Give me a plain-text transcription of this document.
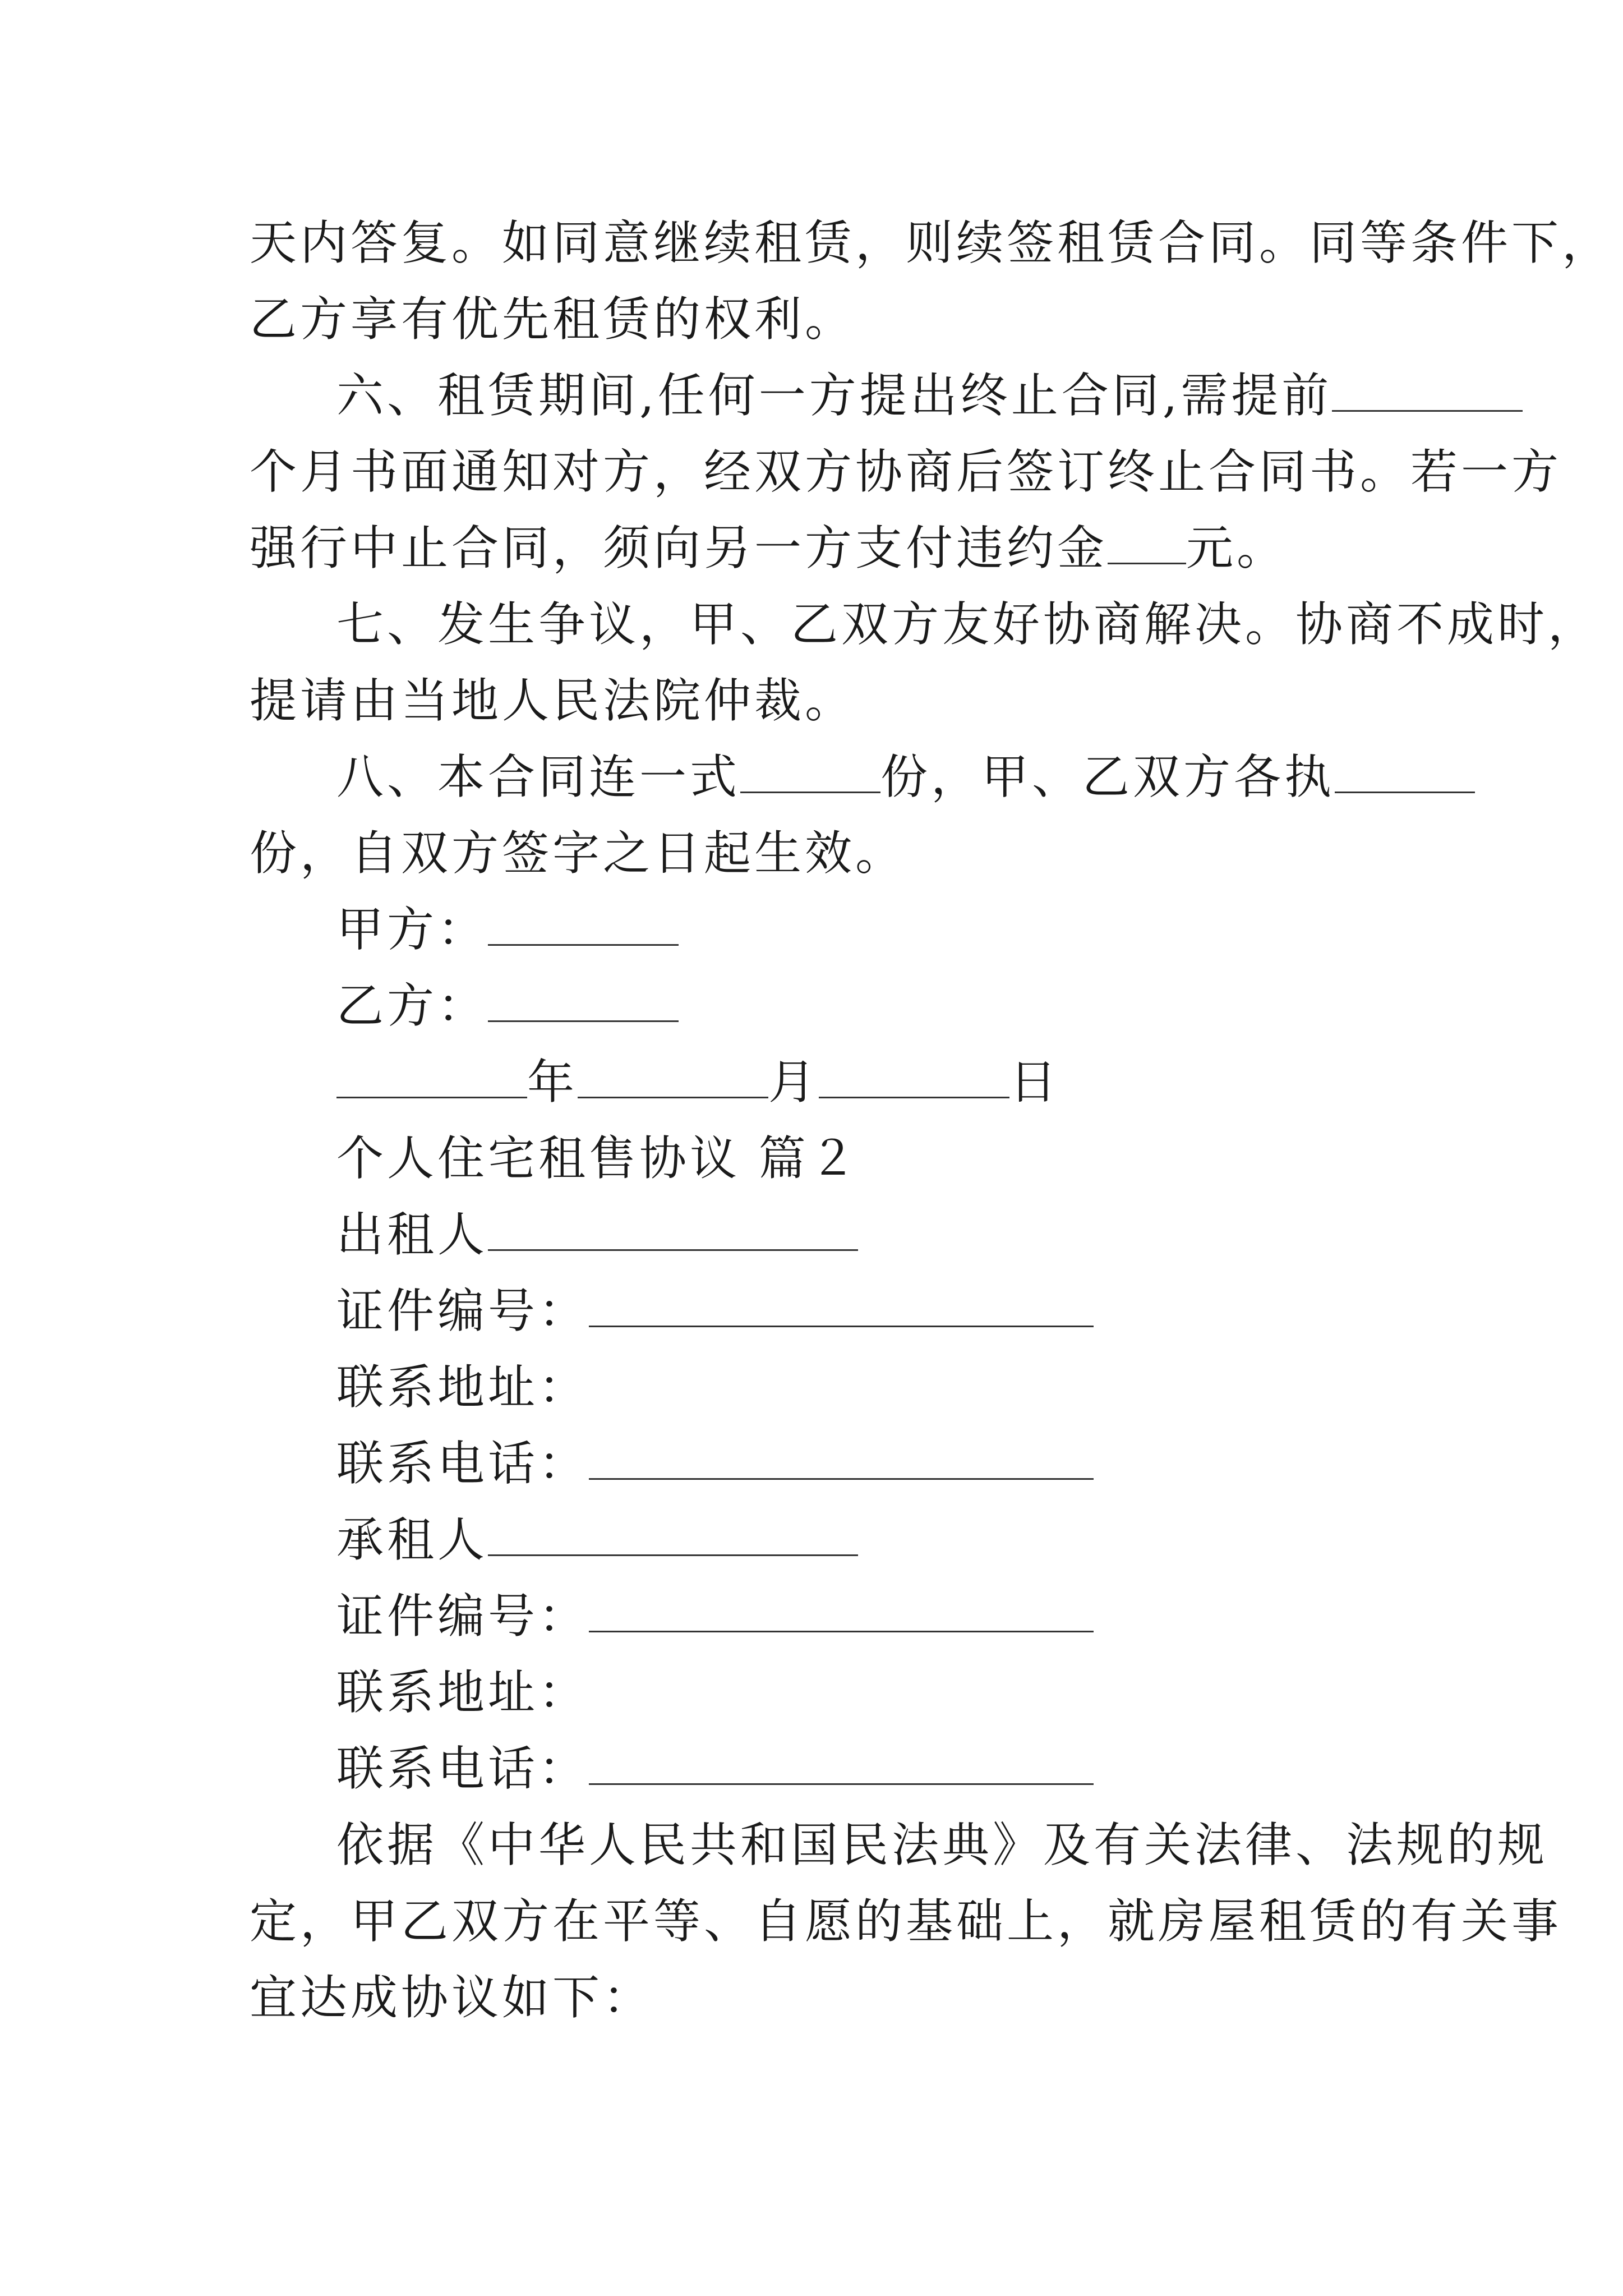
天内答复。如同意继续租赁，则续签租赁合同。同等条件下，
乙方享有优先租赁的权利。
六、租赁期间,任何一方提出终止合同,需提前
个月书面通知对方，经双方协商后签订终止合同书。若一方
强行中止合同，须向另一方支付违约金 元。
七、发生争议，甲、乙双方友好协商解决。协商不成时，
提请由当地人民法院仲裁。
八、本合同连一式	份，甲、乙双方各执
份，自双方签字之日起生效。
甲方：
乙方：
年	月	日
个人住宅租售协议 篇２
出租人
证件编号：
联系地址：
联系电话：
承租人
证件编号：
联系地址：
联系电话：
依据《中华人民共和国民法典》及有关法律、法规的规
定，甲乙双方在平等、自愿的基础上，就房屋租赁的有关事
宜达成协议如下：
